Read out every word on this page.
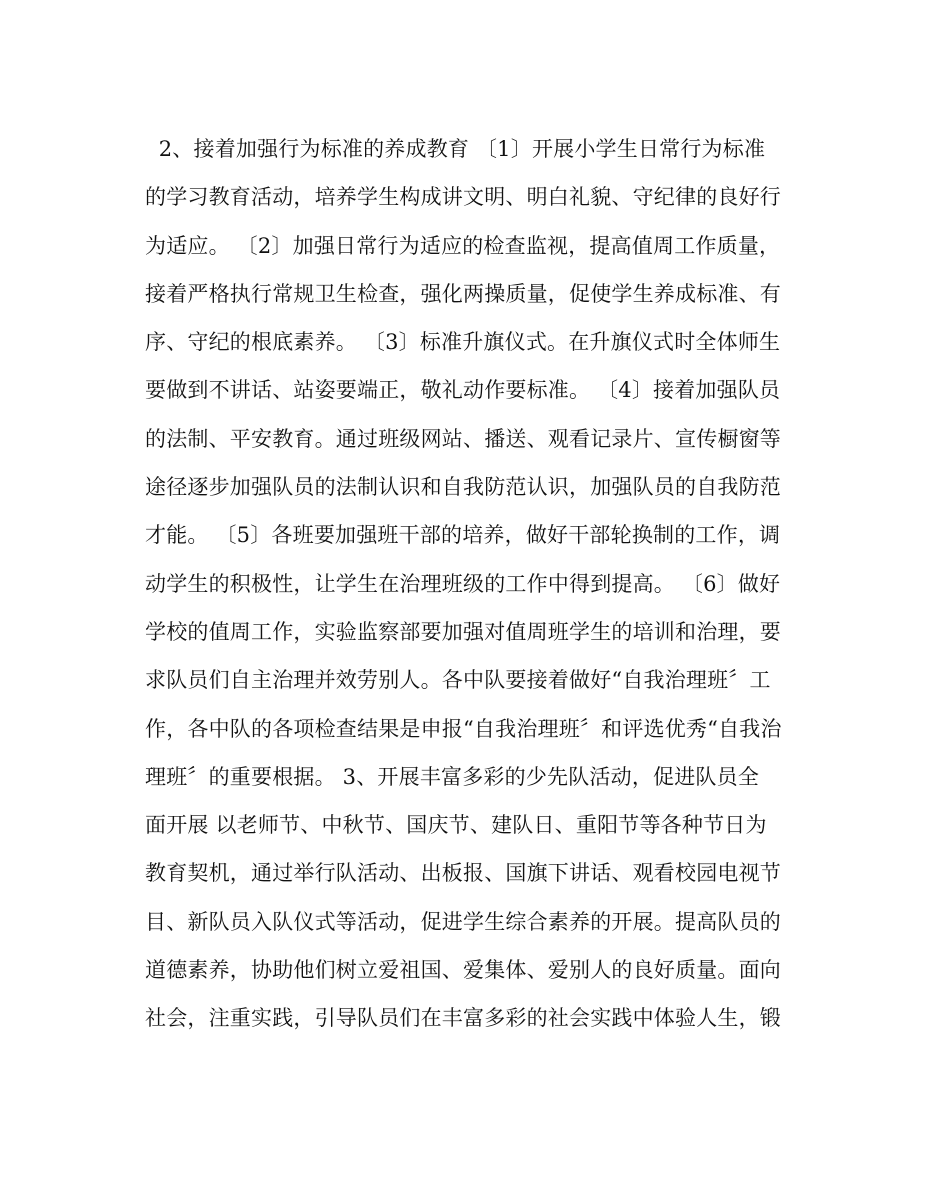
2、接着加强行为标准的养成教育 〔1〕开展小学生日常行为标准
的学习教育活动，培养学生构成讲文明、明白礼貌、守纪律的良好行
为适应。 〔2〕加强日常行为适应的检查监视，提高值周工作质量，
接着严格执行常规卫生检查，强化两操质量，促使学生养成标准、有
序、守纪的根底素养。 〔3〕标准升旗仪式。在升旗仪式时全体师生
要做到不讲话、站姿要端正，敬礼动作要标准。 〔4〕接着加强队员
的法制、平安教育。通过班级网站、播送、观看记录片、宣传橱窗等
途径逐步加强队员的法制认识和自我防范认识，加强队员的自我防范
才能。 〔5〕各班要加强班干部的培养，做好干部轮换制的工作，调
动学生的积极性，让学生在治理班级的工作中得到提高。 〔6〕做好
学校的值周工作，实验监察部要加强对值周班学生的培训和治理，要
求队员们自主治理并效劳别人。各中队要接着做好“自我治理班〞工
作，各中队的各项检查结果是申报“自我治理班〞和评选优秀“自我治
理班〞的重要根据。 3、开展丰富多彩的少先队活动，促进队员全
面开展 以老师节、中秋节、国庆节、建队日、重阳节等各种节日为
教育契机，通过举行队活动、出板报、国旗下讲话、观看校园电视节
目、新队员入队仪式等活动，促进学生综合素养的开展。提高队员的
道德素养，协助他们树立爱祖国、爱集体、爱别人的良好质量。面向
社会，注重实践，引导队员们在丰富多彩的社会实践中体验人生，锻
